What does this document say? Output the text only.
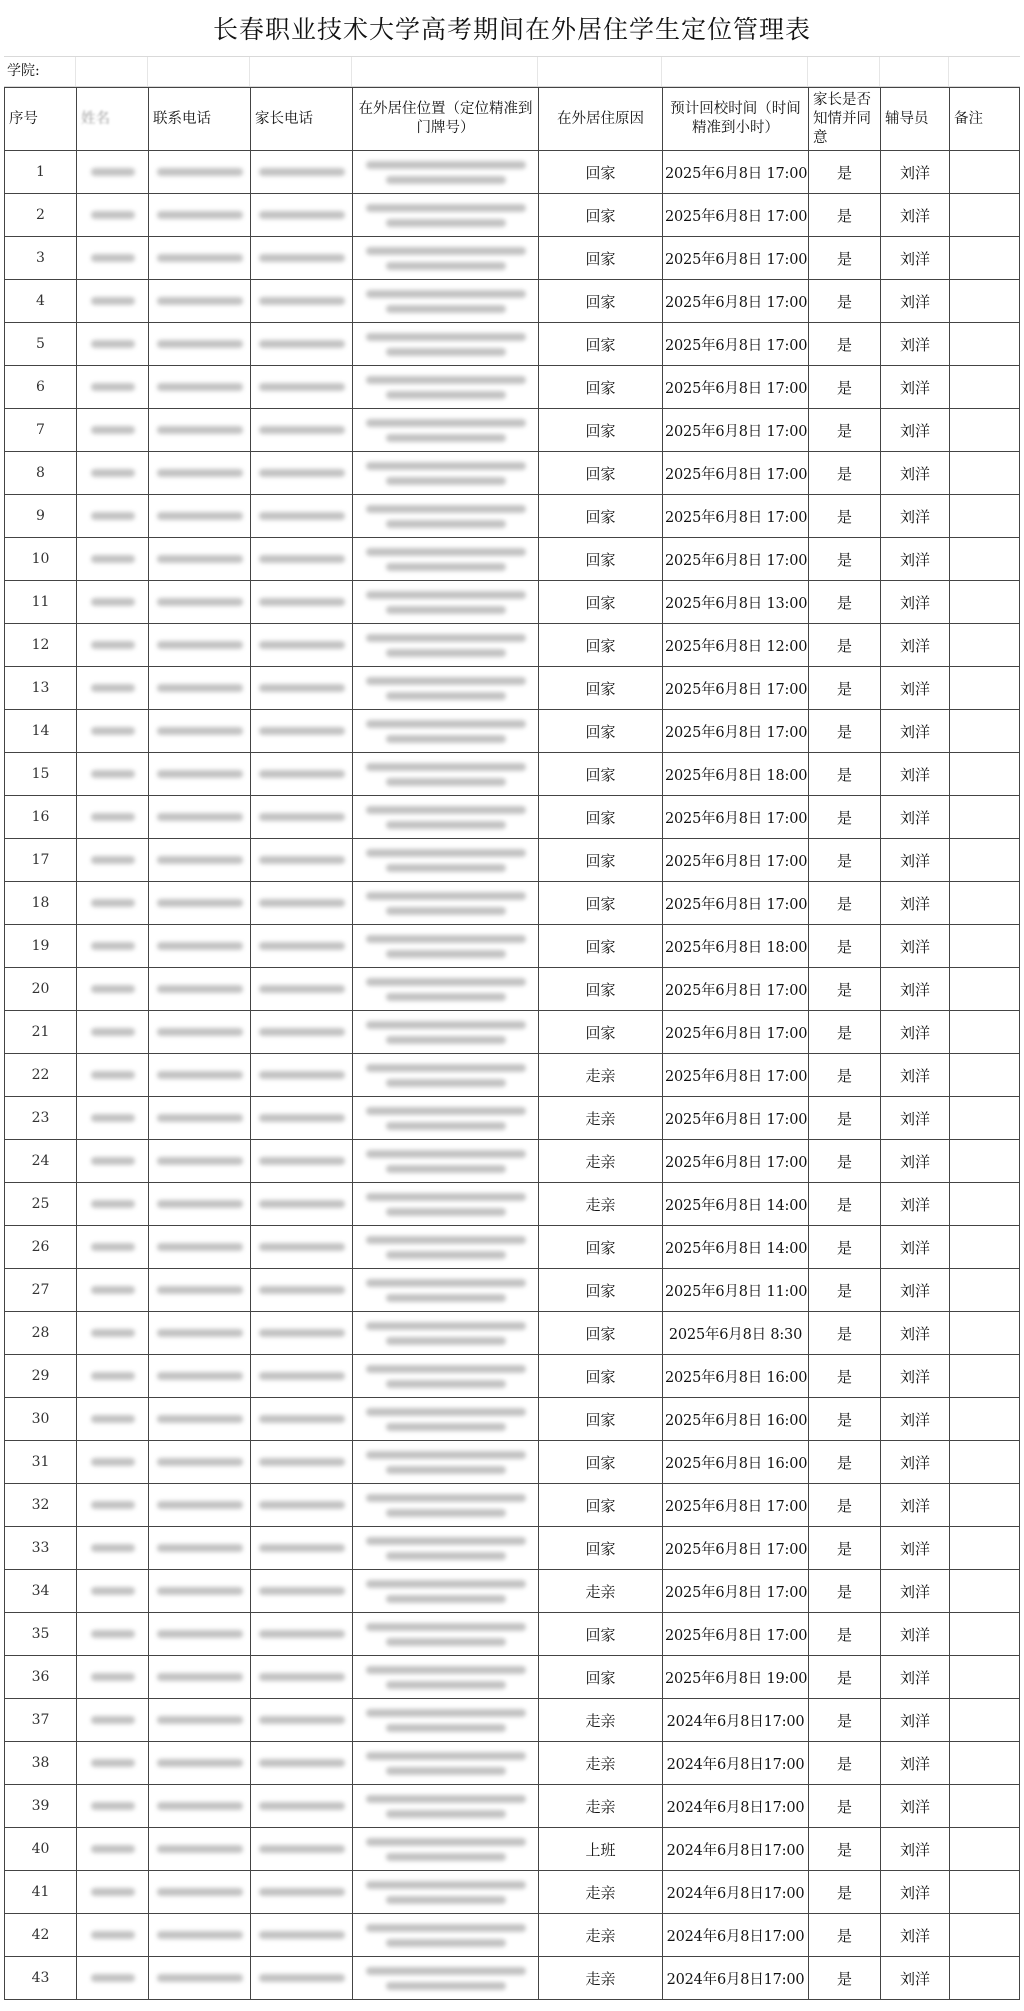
长春职业技术大学高考期间在外居住学生定位管理表
学院:
序号	姓名	联系电话	家长电话	在外居住位置（定位精准到门牌号）	在外居住原因	预计回校时间（时间精准到小时）	家长是否知情并同意	辅导员	备注
1					回家	2025年6月8日 17:00	是	刘洋	
2					回家	2025年6月8日 17:00	是	刘洋	
3					回家	2025年6月8日 17:00	是	刘洋	
4					回家	2025年6月8日 17:00	是	刘洋	
5					回家	2025年6月8日 17:00	是	刘洋	
6					回家	2025年6月8日 17:00	是	刘洋	
7					回家	2025年6月8日 17:00	是	刘洋	
8					回家	2025年6月8日 17:00	是	刘洋	
9					回家	2025年6月8日 17:00	是	刘洋	
10					回家	2025年6月8日 17:00	是	刘洋	
11					回家	2025年6月8日 13:00	是	刘洋	
12					回家	2025年6月8日 12:00	是	刘洋	
13					回家	2025年6月8日 17:00	是	刘洋	
14					回家	2025年6月8日 17:00	是	刘洋	
15					回家	2025年6月8日 18:00	是	刘洋	
16					回家	2025年6月8日 17:00	是	刘洋	
17					回家	2025年6月8日 17:00	是	刘洋	
18					回家	2025年6月8日 17:00	是	刘洋	
19					回家	2025年6月8日 18:00	是	刘洋	
20					回家	2025年6月8日 17:00	是	刘洋	
21					回家	2025年6月8日 17:00	是	刘洋	
22					走亲	2025年6月8日 17:00	是	刘洋	
23					走亲	2025年6月8日 17:00	是	刘洋	
24					走亲	2025年6月8日 17:00	是	刘洋	
25					走亲	2025年6月8日 14:00	是	刘洋	
26					回家	2025年6月8日 14:00	是	刘洋	
27					回家	2025年6月8日 11:00	是	刘洋	
28					回家	2025年6月8日 8:30	是	刘洋	
29					回家	2025年6月8日 16:00	是	刘洋	
30					回家	2025年6月8日 16:00	是	刘洋	
31					回家	2025年6月8日 16:00	是	刘洋	
32					回家	2025年6月8日 17:00	是	刘洋	
33					回家	2025年6月8日 17:00	是	刘洋	
34					走亲	2025年6月8日 17:00	是	刘洋	
35					回家	2025年6月8日 17:00	是	刘洋	
36					回家	2025年6月8日 19:00	是	刘洋	
37					走亲	2024年6月8日17:00	是	刘洋	
38					走亲	2024年6月8日17:00	是	刘洋	
39					走亲	2024年6月8日17:00	是	刘洋	
40					上班	2024年6月8日17:00	是	刘洋	
41					走亲	2024年6月8日17:00	是	刘洋	
42					走亲	2024年6月8日17:00	是	刘洋	
43					走亲	2024年6月8日17:00	是	刘洋	
